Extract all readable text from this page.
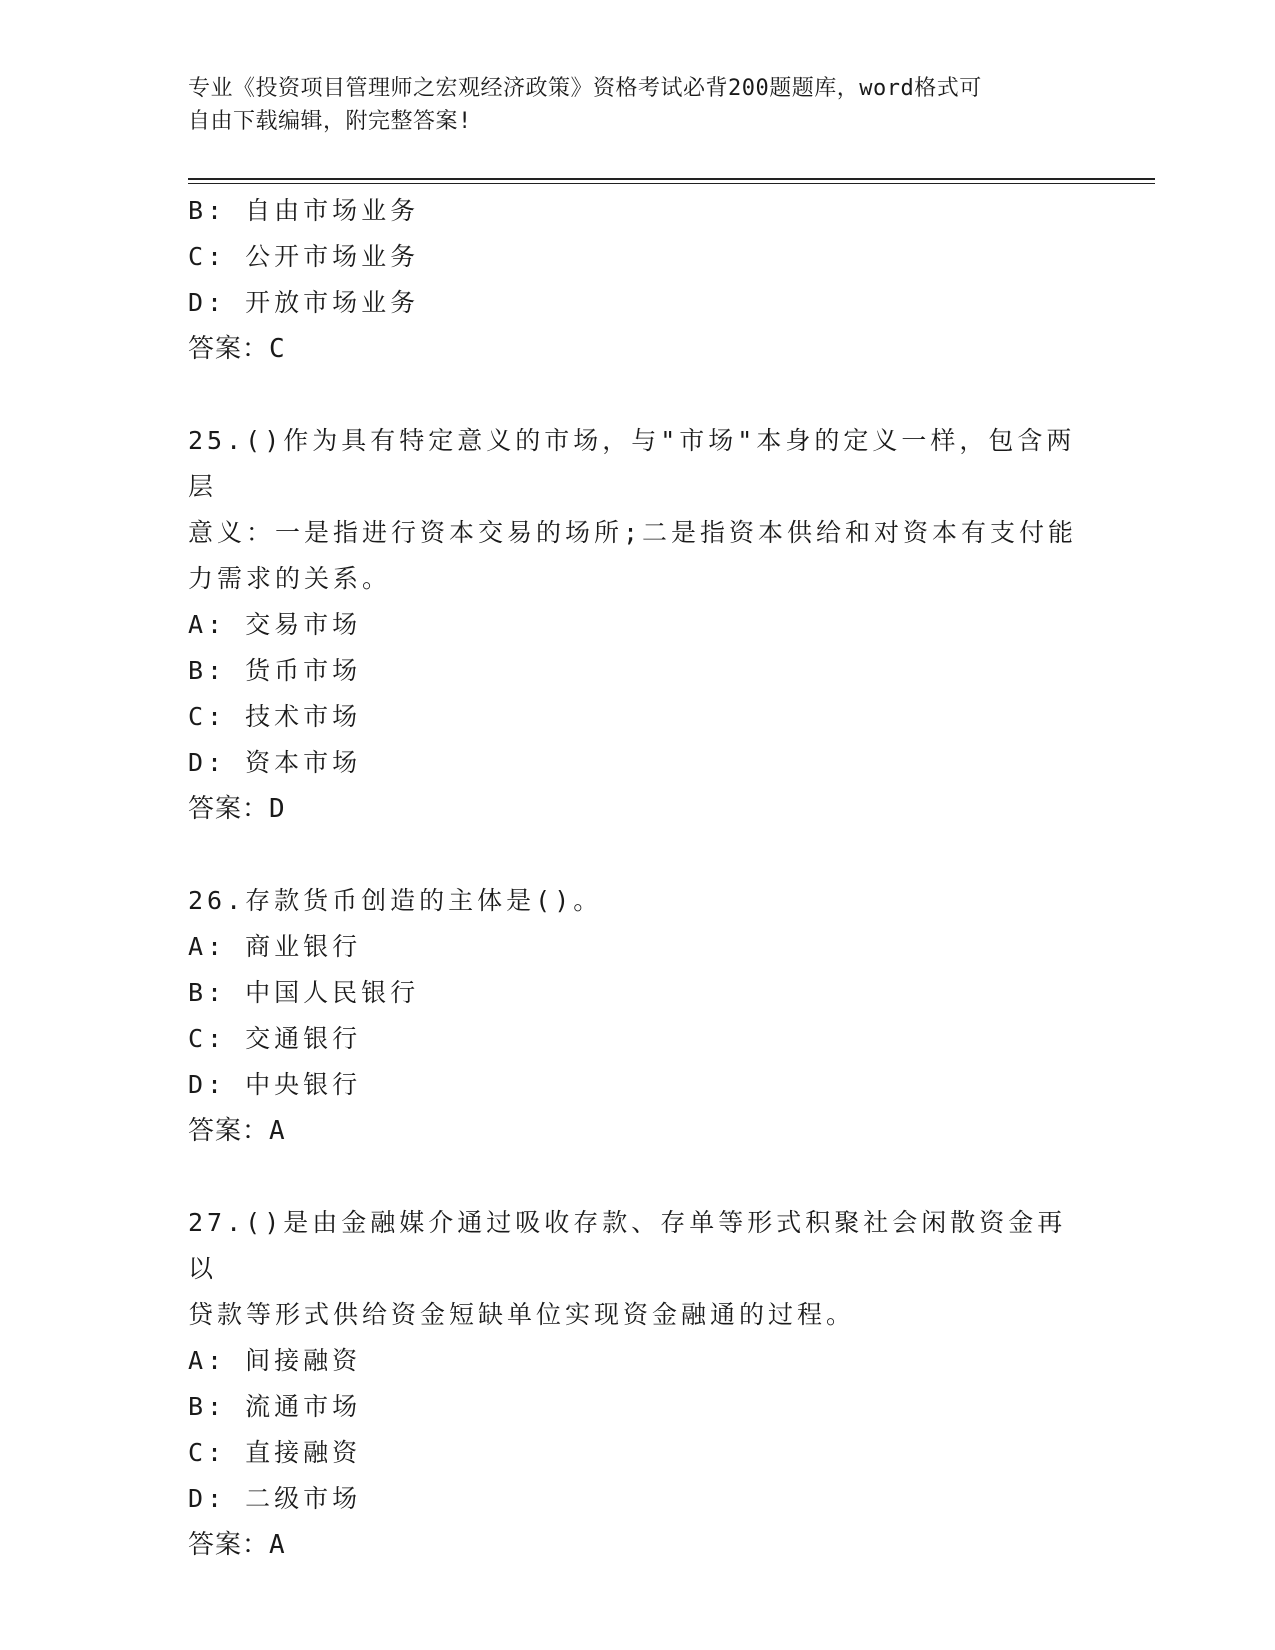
专业《投资项目管理师之宏观经济政策》资格考试必背200题题库，word格式可
自由下载编辑，附完整答案!
B: 自由市场业务
C: 公开市场业务
D: 开放市场业务
答案：C
25.()作为具有特定意义的市场，与"市场"本身的定义一样，包含两层
意义：一是指进行资本交易的场所;二是指资本供给和对资本有支付能
力需求的关系。
A: 交易市场
B: 货币市场
C: 技术市场
D: 资本市场
答案：D
26.存款货币创造的主体是()。
A: 商业银行
B: 中国人民银行
C: 交通银行
D: 中央银行
答案：A
27.()是由金融媒介通过吸收存款、存单等形式积聚社会闲散资金再以
贷款等形式供给资金短缺单位实现资金融通的过程。
A: 间接融资
B: 流通市场
C: 直接融资
D: 二级市场
答案：A
